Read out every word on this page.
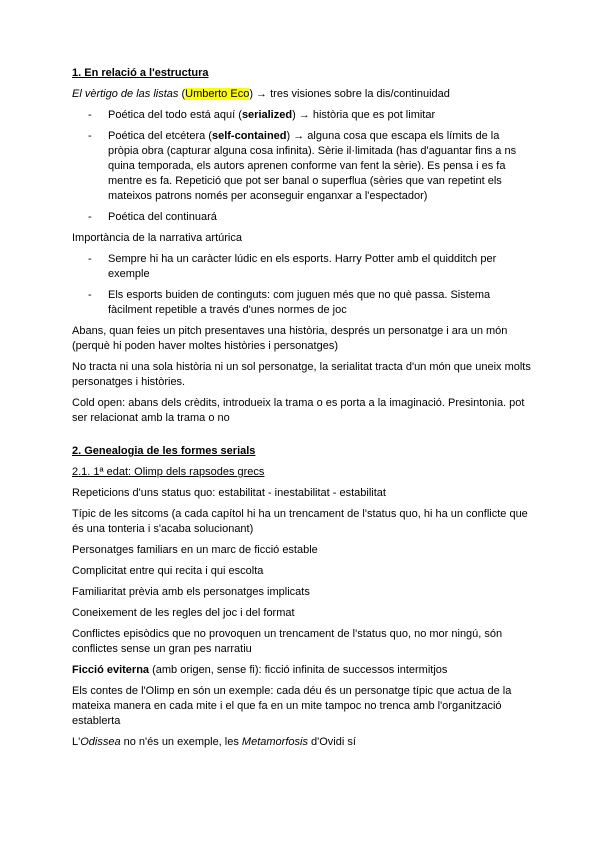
1. En relació a l'estructura
El vèrtigo de las listas (Umberto Eco) → tres visiones sobre la dis/continuidad
- Poética del todo está aquí (serialized) → història que es pot limitar
- Poética del etcétera (self-contained) → alguna cosa que escapa els límits de la pròpia obra (capturar alguna cosa infinita). Sèrie il·limitada (has d'aguantar fins a ns quina temporada, els autors aprenen conforme van fent la sèrie). Es pensa i es fa mentre es fa. Repetició que pot ser banal o superflua (sèries que van repetint els mateixos patrons només per aconseguir enganxar a l'espectador)
- Poética del continuará
Importància de la narrativa artúrica
- Sempre hi ha un caràcter lúdic en els esports. Harry Potter amb el quidditch per exemple
- Els esports buiden de continguts: com juguen més que no què passa. Sistema fàcilment repetible a través d'unes normes de joc
Abans, quan feies un pitch presentaves una història, després un personatge i ara un món (perquè hi poden haver moltes històries i personatges)
No tracta ni una sola història ni un sol personatge, la serialitat tracta d'un món que uneix molts personatges i històries.
Cold open: abans dels crèdits, introdueix la trama o es porta a la imaginació. Presintonia. pot ser relacionat amb la trama o no
2. Genealogia de les formes serials
2.1. 1ª edat: Olimp dels rapsodes grecs
Repeticions d'uns status quo: estabilitat - inestabilitat - estabilitat
Típic de les sitcoms (a cada capítol hi ha un trencament de l'status quo, hi ha un conflicte que és una tonteria i s'acaba solucionant)
Personatges familiars en un marc de ficció estable
Complicitat entre qui recita i qui escolta
Familiaritat prèvia amb els personatges implicats
Coneixement de les regles del joc i del format
Conflictes episòdics que no provoquen un trencament de l'status quo, no mor ningú, són conflictes sense un gran pes narratiu
Ficció eviterna (amb origen, sense fi): ficció infinita de successos intermitjos
Els contes de l'Olimp en són un exemple: cada déu és un personatge típic que actua de la mateixa manera en cada mite i el que fa en un mite tampoc no trenca amb l'organització establerta
L'Odissea no n'és un exemple, les Metamorfosis d'Ovidi sí
